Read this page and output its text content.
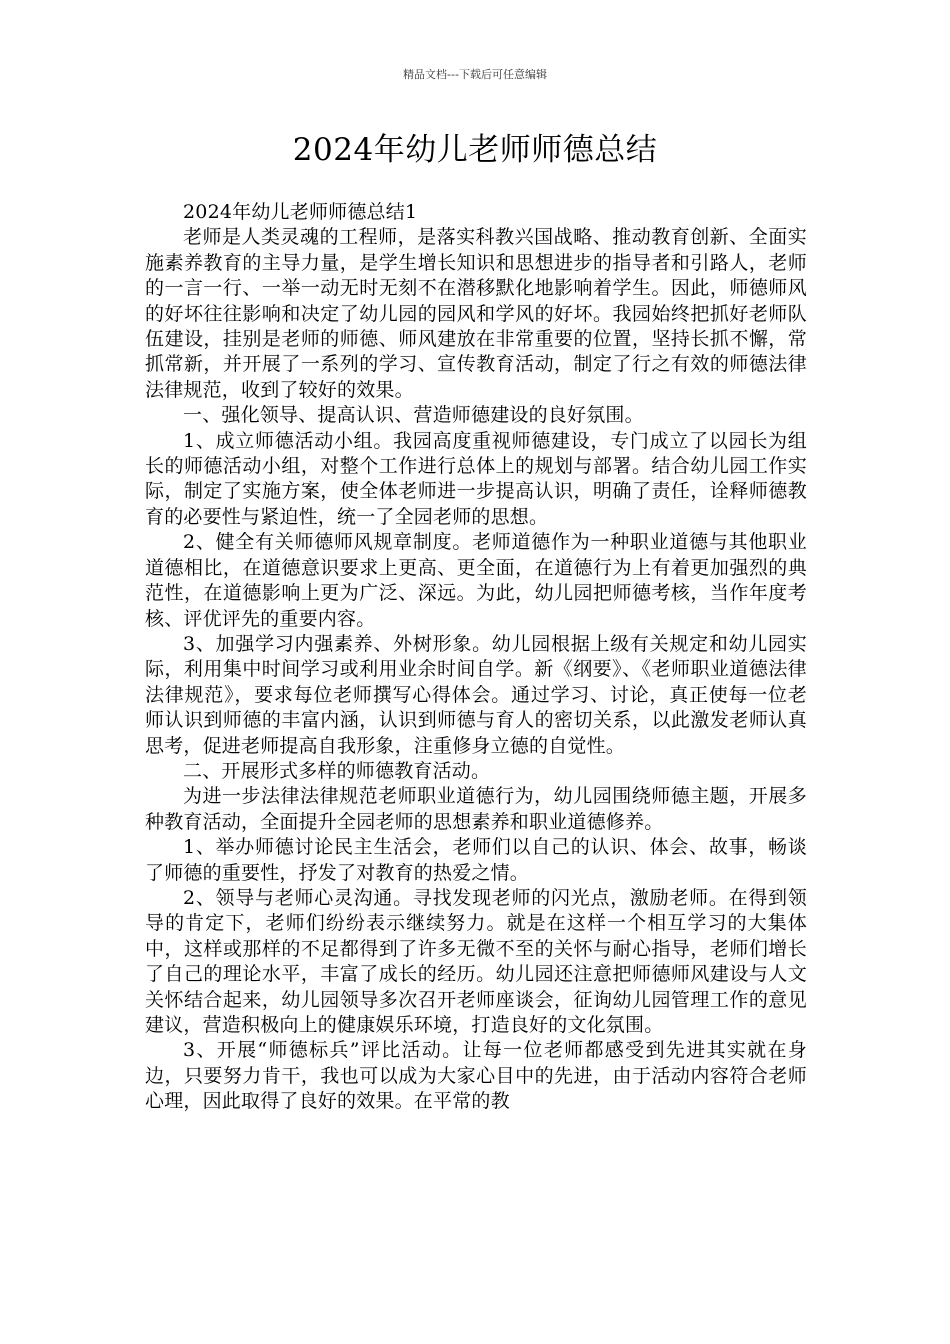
精品文档---下载后可任意编辑
2024年幼儿老师师德总结

2024年幼儿老师师德总结1

老师是人类灵魂的工程师，是落实科教兴国战略、推动教育创新、全面实施素养教育的主导力量，是学生增长知识和思想进步的指导者和引路人，老师的一言一行、一举一动无时无刻不在潜移默化地影响着学生。因此，师德师风的好坏往往影响和决定了幼儿园的园风和学风的好坏。我园始终把抓好老师队伍建设，挂别是老师的师德、师风建放在非常重要的位置，坚持长抓不懈，常抓常新，并开展了一系列的学习、宣传教育活动，制定了行之有效的师德法律法律规范，收到了较好的效果。

一、强化领导、提高认识、营造师德建设的良好氛围。

1、成立师德活动小组。我园高度重视师德建设，专门成立了以园长为组长的师德活动小组，对整个工作进行总体上的规划与部署。结合幼儿园工作实际，制定了实施方案，使全体老师进一步提高认识，明确了责任，诠释师德教育的必要性与紧迫性，统一了全园老师的思想。

2、健全有关师德师风规章制度。老师道德作为一种职业道德与其他职业道德相比，在道德意识要求上更高、更全面，在道德行为上有着更加强烈的典范性，在道德影响上更为广泛、深远。为此，幼儿园把师德考核，当作年度考核、评优评先的重要内容。

3、加强学习内强素养、外树形象。幼儿园根据上级有关规定和幼儿园实际，利用集中时间学习或利用业余时间自学。新《纲要》、《老师职业道德法律法律规范》，要求每位老师撰写心得体会。通过学习、讨论，真正使每一位老师认识到师德的丰富内涵，认识到师德与育人的密切关系，以此激发老师认真思考，促进老师提高自我形象，注重修身立德的自觉性。

二、开展形式多样的师德教育活动。

为进一步法律法律规范老师职业道德行为，幼儿园围绕师德主题，开展多种教育活动，全面提升全园老师的思想素养和职业道德修养。

1、举办师德讨论民主生活会，老师们以自己的认识、体会、故事，畅谈了师德的重要性，抒发了对教育的热爱之情。

2、领导与老师心灵沟通。寻找发现老师的闪光点，激励老师。在得到领导的肯定下，老师们纷纷表示继续努力。就是在这样一个相互学习的大集体中，这样或那样的不足都得到了许多无微不至的关怀与耐心指导，老师们增长了自己的理论水平，丰富了成长的经历。幼儿园还注意把师德师风建设与人文关怀结合起来，幼儿园领导多次召开老师座谈会，征询幼儿园管理工作的意见建议，营造积极向上的健康娱乐环境，打造良好的文化氛围。

3、开展“师德标兵”评比活动。让每一位老师都感受到先进其实就在身边，只要努力肯干，我也可以成为大家心目中的先进，由于活动内容符合老师心理，因此取得了良好的效果。在平常的教
